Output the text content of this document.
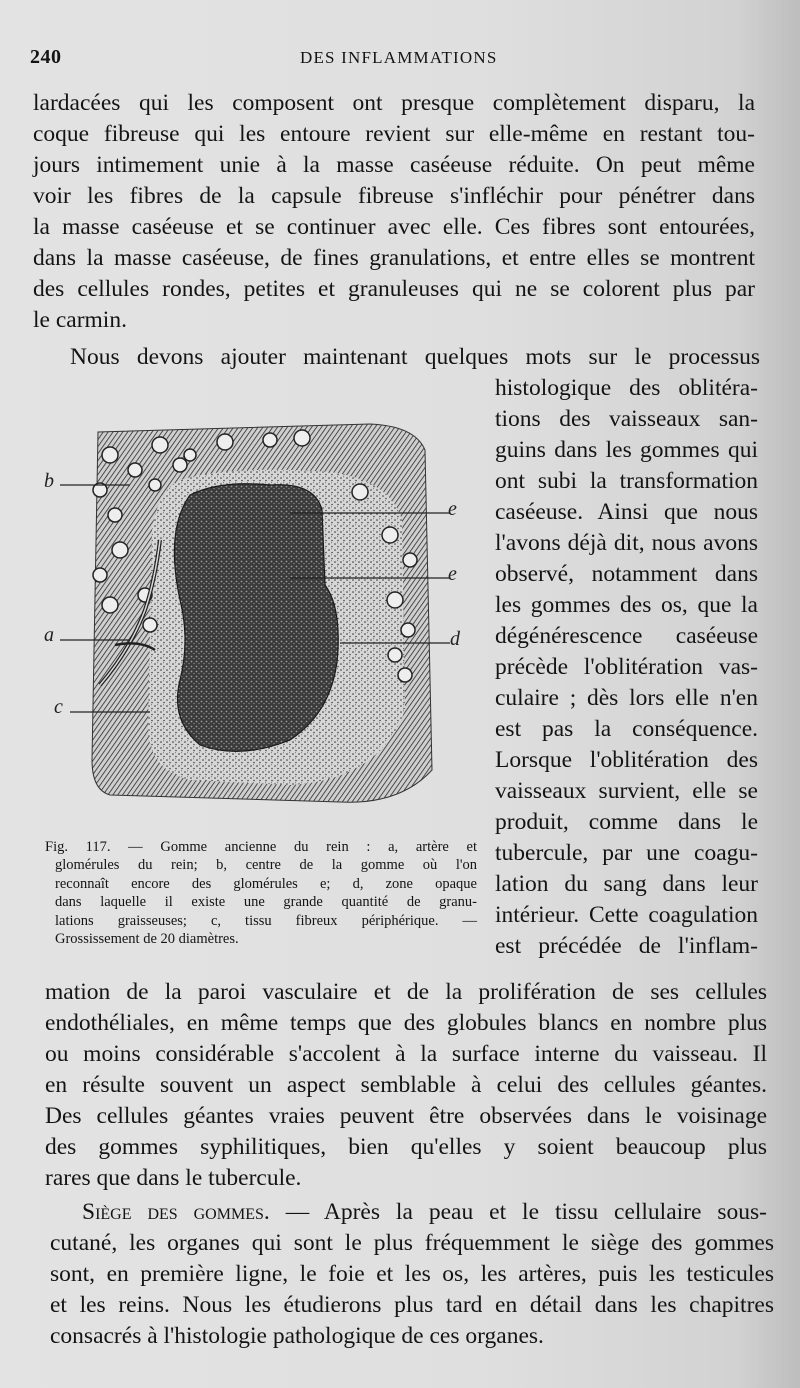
240	DES INFLAMMATIONS
lardacées qui les composent ont presque complètement disparu, la
coque fibreuse qui les entoure revient sur elle-même en restant tou-
jours intimement unie à la masse caséeuse réduite. On peut même
voir les fibres de la capsule fibreuse s'infléchir pour pénétrer dans
la masse caséeuse et se continuer avec elle. Ces fibres sont entourées,
dans la masse caséeuse, de fines granulations, et entre elles se montrent
des cellules rondes, petites et granuleuses qui ne se colorent plus par
le carmin.
Nous devons ajouter maintenant quelques mots sur le processus
histologique des oblitéra-
tions des vaisseaux san-
guins dans les gommes qui
ont subi la transformation
caséeuse. Ainsi que nous
l'avons déjà dit, nous avons
observé, notamment dans
les gommes des os, que la
dégénérescence caséeuse
précède l'oblitération vas-
culaire ; dès lors elle n'en
est pas la conséquence.
Lorsque l'oblitération des
vaisseaux survient, elle se
produit, comme dans le
tubercule, par une coagu-
lation du sang dans leur
intérieur. Cette coagulation
est précédée de l'inflam-
b
e
e
a	d
c
Fig. 117. — Gomme ancienne du rein : a, artère et
glomérules du rein; b, centre de la gomme où l'on
reconnaît encore des glomérules e; d, zone opaque
dans laquelle il existe une grande quantité de granu-
lations graisseuses; c, tissu fibreux périphérique. —
Grossissement de 20 diamètres.
mation de la paroi vasculaire et de la prolifération de ses cellules
endothéliales, en même temps que des globules blancs en nombre plus
ou moins considérable s'accolent à la surface interne du vaisseau. Il
en résulte souvent un aspect semblable à celui des cellules géantes.
Des cellules géantes vraies peuvent être observées dans le voisinage
des gommes syphilitiques, bien qu'elles y soient beaucoup plus
rares que dans le tubercule.
Siège des gommes. — Après la peau et le tissu cellulaire sous-
cutané, les organes qui sont le plus fréquemment le siège des gommes
sont, en première ligne, le foie et les os, les artères, puis les testicules
et les reins. Nous les étudierons plus tard en détail dans les chapitres
consacrés à l'histologie pathologique de ces organes.
